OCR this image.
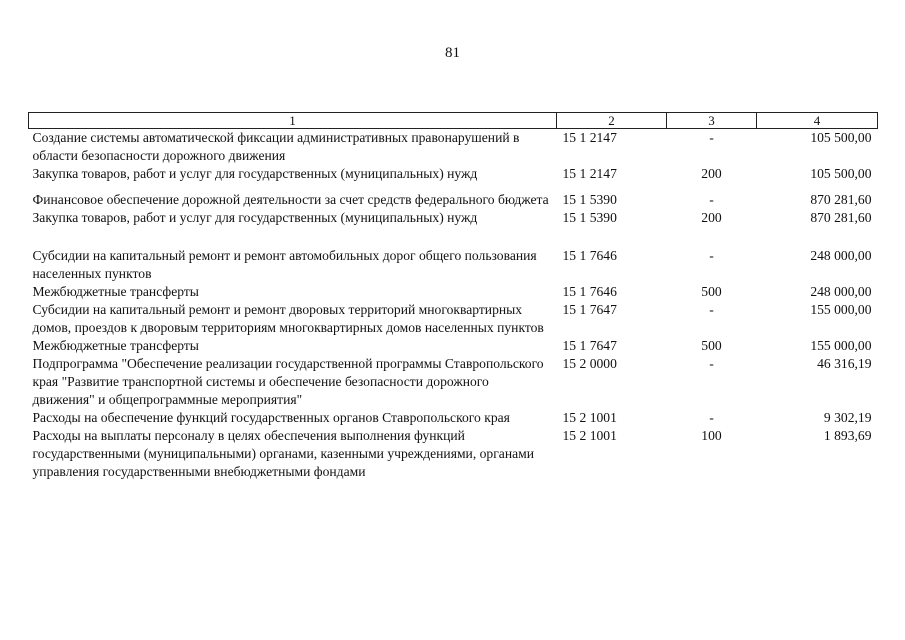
81
1	2	3	4
Создание системы автоматической фиксации административных правонарушений в области безопасности дорожного движения	15 1 2147	-	105 500,00
Закупка товаров, работ и услуг для государственных (муниципальных) нужд	15 1 2147	200	105 500,00
Финансовое обеспечение дорожной деятельности за счет средств федерального бюджета	15 1 5390	-	870 281,60
Закупка товаров, работ и услуг для государственных (муниципальных) нужд	15 1 5390	200	870 281,60
Субсидии на капитальный ремонт и ремонт автомобильных дорог общего пользования населенных пунктов	15 1 7646	-	248 000,00
Межбюджетные трансферты	15 1 7646	500	248 000,00
Субсидии на капитальный ремонт и ремонт дворовых территорий многоквартирных домов, проездов к дворовым территориям многоквартирных домов населенных пунктов	15 1 7647	-	155 000,00
Межбюджетные трансферты	15 1 7647	500	155 000,00
Подпрограмма "Обеспечение реализации государственной программы Ставропольского края "Развитие транспортной системы и обеспечение безопасности дорожного движения" и общепрограммные мероприятия"	15 2 0000	-	46 316,19
Расходы на обеспечение функций государственных органов Ставропольского края	15 2 1001	-	9 302,19
Расходы на выплаты персоналу в целях обеспечения выполнения функций государственными (муниципальными) органами, казенными учреждениями, органами управления государственными внебюджетными фондами	15 2 1001	100	1 893,69
